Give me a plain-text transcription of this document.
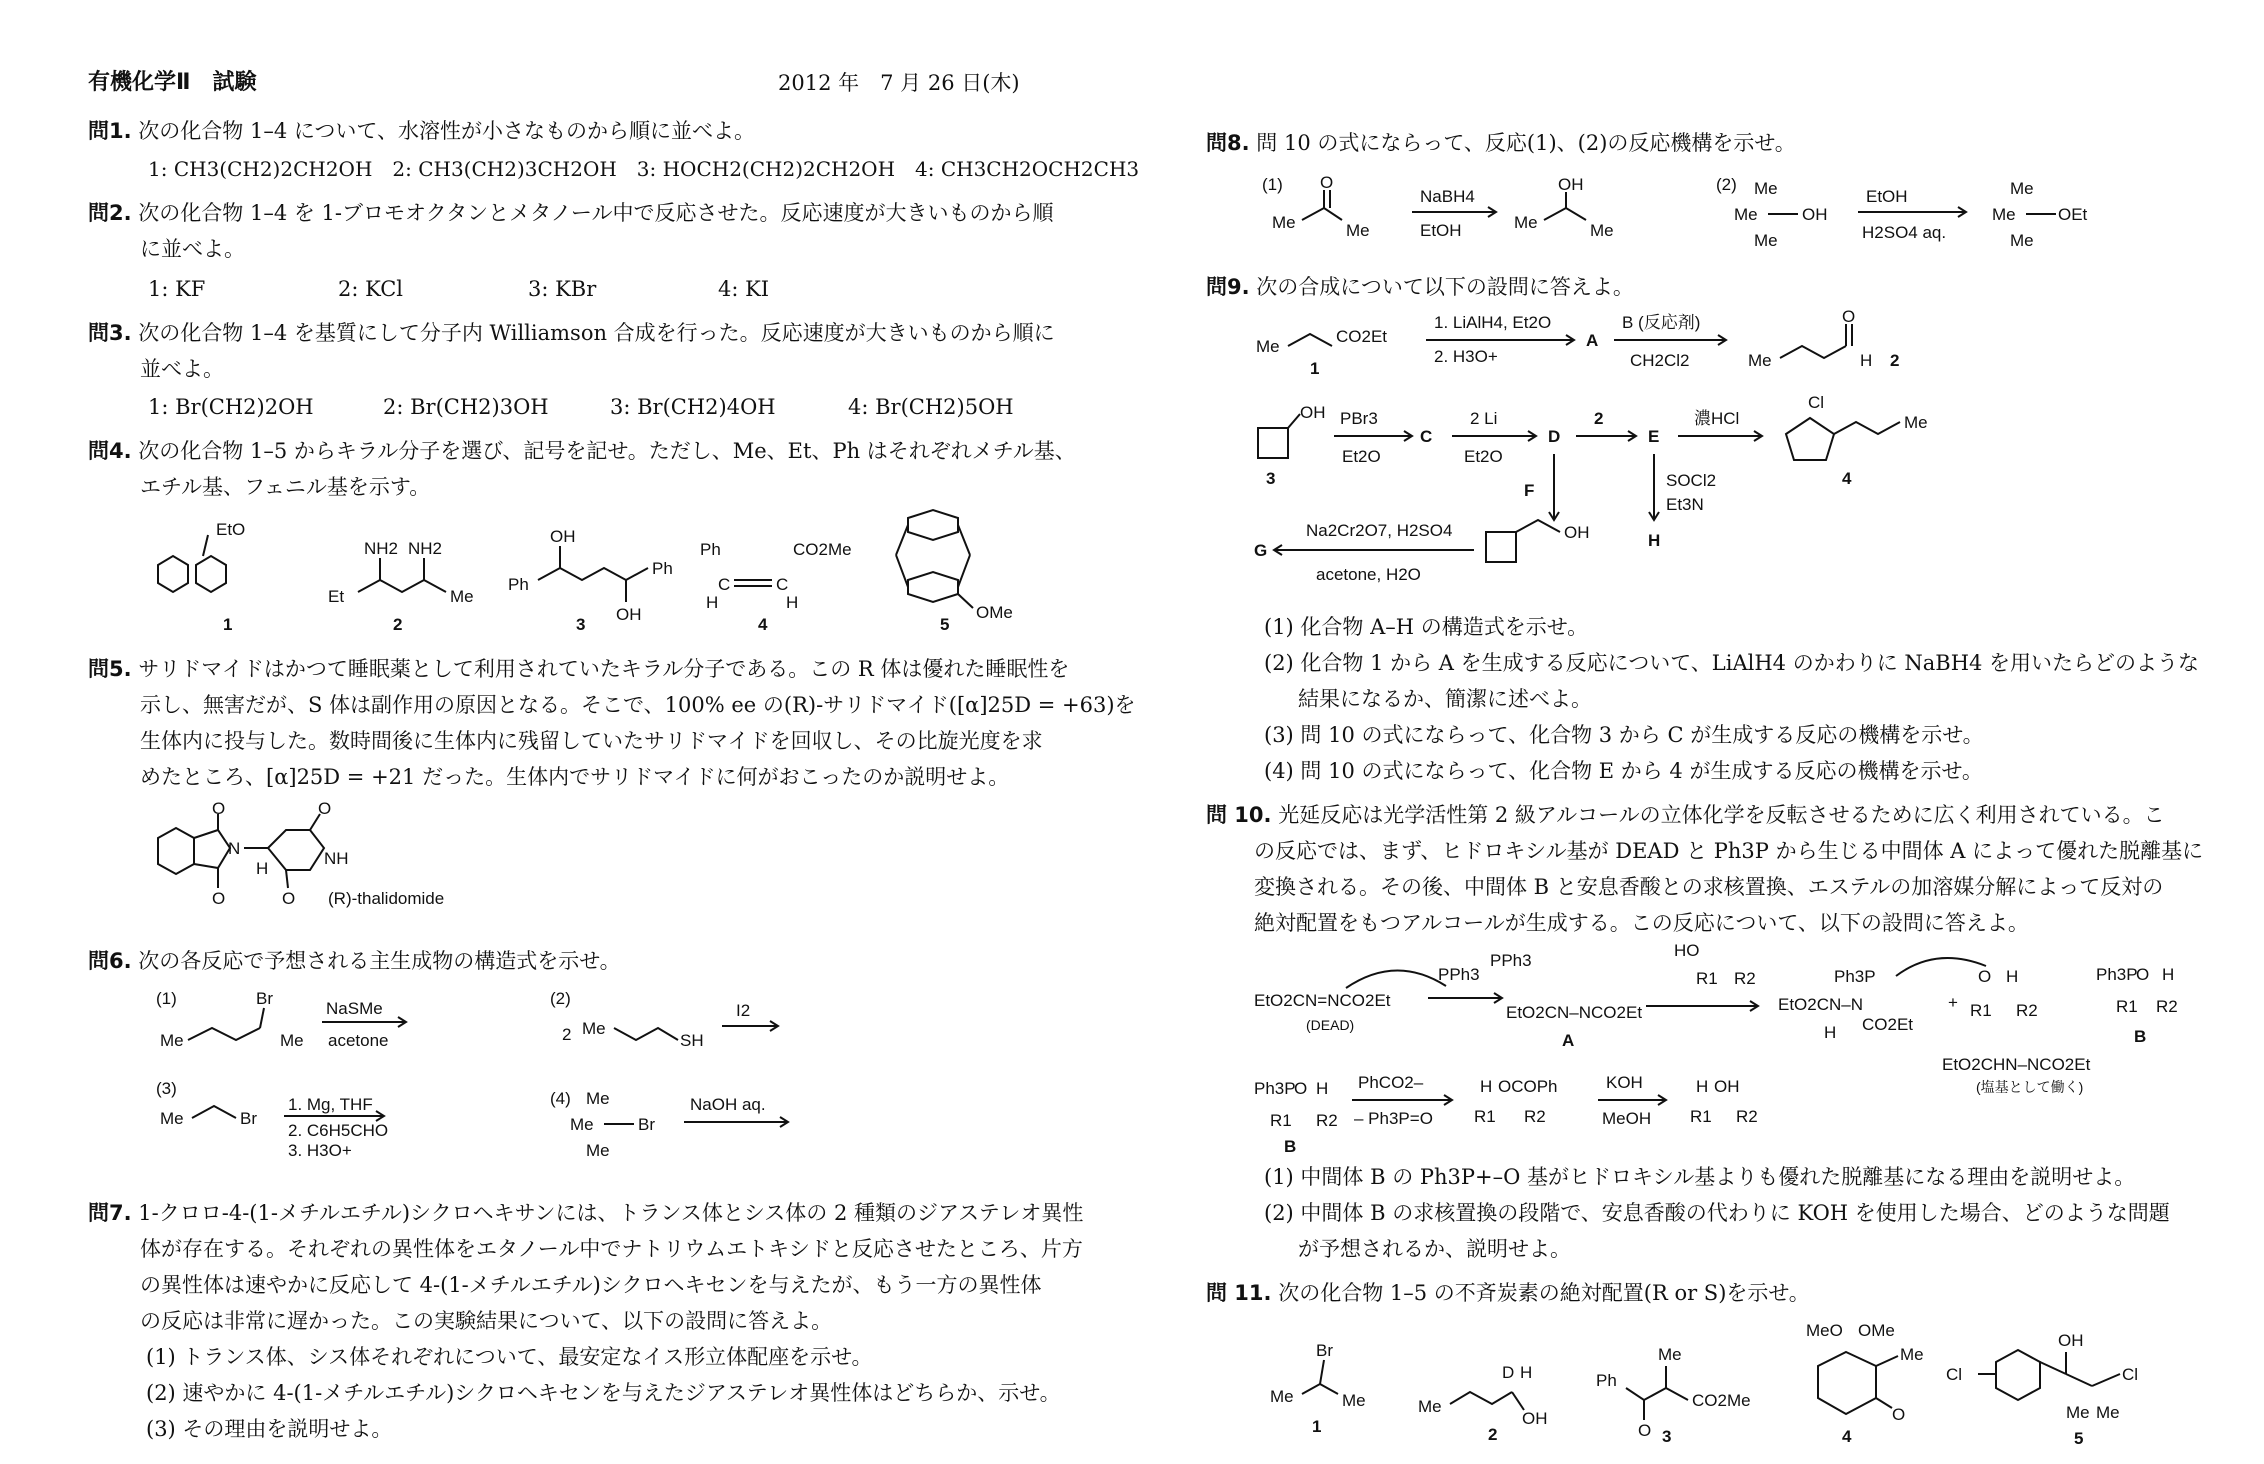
有機化学Ⅱ　試験	2012 年　7 月 26 日(木)
問1. 次の化合物 1–4 について、水溶性が小さなものから順に並べよ。
1: CH3(CH2)2CH2OH　2: CH3(CH2)3CH2OH　3: HOCH2(CH2)2CH2OH　4: CH3CH2OCH2CH3
問2. 次の化合物 1–4 を 1-ブロモオクタンとメタノール中で反応させた。反応速度が大きいものから順
に並べよ。
1: KF	2: KCl	3: KBr	4: KI
問3. 次の化合物 1–4 を基質にして分子内 Williamson 合成を行った。反応速度が大きいものから順に
並べよ。
1: Br(CH2)2OH	2: Br(CH2)3OH	3: Br(CH2)4OH	4: Br(CH2)5OH
問4. 次の化合物 1–5 からキラル分子を選び、記号を記せ。ただし、Me、Et、Ph はそれぞれメチル基、
エチル基、フェニル基を示す。
EtO
1
NH2 NH2
Et	Me
2
OH
OH
Ph
Ph
3
Ph	CO2Me
C	C
H	H
4
OMe
5
問5. サリドマイドはかつて睡眠薬として利用されていたキラル分子である。この R 体は優れた睡眠性を
示し、無害だが、S 体は副作用の原因となる。そこで、100% ee の(R)-サリドマイド([α]25D = +63)を
生体内に投与した。数時間後に生体内に残留していたサリドマイドを回収し、その比旋光度を求
めたところ、[α]25D = +21 だった。生体内でサリドマイドに何がおこったのか説明せよ。
O
O
N
NH
H
O
O (R)-thalidomide
問6. 次の各反応で予想される主生成物の構造式を示せ。
(1)	Br
Me	Me
NaSMe
acetone
(2)
2 Me
SH
I2
(3)
Me	Br
1. Mg, THF
2. C6H5CHO
3. H3O+
(4) Me
Me
Me
Br
NaOH aq.
問7. 1-クロロ-4-(1-メチルエチル)シクロヘキサンには、トランス体とシス体の 2 種類のジアステレオ異性
体が存在する。それぞれの異性体をエタノール中でナトリウムエトキシドと反応させたところ、片方
の異性体は速やかに反応して 4-(1-メチルエチル)シクロヘキセンを与えたが、もう一方の異性体
の反応は非常に遅かった。この実験結果について、以下の設問に答えよ。
(1) トランス体、シス体それぞれについて、最安定なイス形立体配座を示せ。
(2) 速やかに 4-(1-メチルエチル)シクロヘキセンを与えたジアステレオ異性体はどちらか、示せ。
(3) その理由を説明せよ。
問8. 問 10 の式にならって、反応(1)、(2)の反応機構を示せ。
(1)
Me
O
Me
NaBH4
EtOH	Me
OH
Me
(2) Me
Me
Me
OH
EtOH
H2SO4 aq.
Me
Me
Me
OEt
問9. 次の合成について以下の設問に答えよ。
Me
CO2Et
1
1. LiAlH4, Et2O
2. H3O+
A
B (反応剤)
CH2Cl2	Me
O
H 2
OH
3
PBr3
Et2O
C
2 Li
Et2O
D
2
E
濃HCl
Cl
Me
4
F
SOCl2
Et3N
H
OH
Na2Cr2O7, H2SO4
acetone, H2O
G
(1) 化合物 A–H の構造式を示せ。
(2) 化合物 1 から A を生成する反応について、LiAlH4 のかわりに NaBH4 を用いたらどのような
結果になるか、簡潔に述べよ。
(3) 問 10 の式にならって、化合物 3 から C が生成する反応の機構を示せ。
(4) 問 10 の式にならって、化合物 E から 4 が生成する反応の機構を示せ。
問 10. 光延反応は光学活性第 2 級アルコールの立体化学を反転させるために広く利用されている。こ
の反応では、まず、ヒドロキシル基が DEAD と Ph3P から生じる中間体 A によって優れた脱離基に
変換される。その後、中間体 B と安息香酸との求核置換、エステルの加溶媒分解によって反対の
絶対配置をもつアルコールが生成する。この反応について、以下の設問に答えよ。
EtO2CN=NCO2Et
(DEAD)
PPh3
PPh3
EtO2CN–NCO2Et
A
HO
R1 R2
EtO2CN–N
H CO2Et
Ph3P
+
O H
R1 R2
Ph3P
O H
R1 R2
B
EtO2CHN–NCO2Et
(塩基として働く)
Ph3P
O H
R1 R2
B
PhCO2–
– Ph3P=O
H OCOPh
R1 R2
KOH
MeOH
H OH
R1 R2
(1) 中間体 B の Ph3P+–O 基がヒドロキシル基よりも優れた脱離基になる理由を説明せよ。
(2) 中間体 B の求核置換の段階で、安息香酸の代わりに KOH を使用した場合、どのような問題
が予想されるか、説明せよ。
問 11. 次の化合物 1–5 の不斉炭素の絶対配置(R or S)を示せ。
Me
Br
Me
1
Me
OH
D H
2
Ph
O
Me
CO2Me
3
MeO OMe
Me
O
4
Cl
OH
Me Me
Cl
5
